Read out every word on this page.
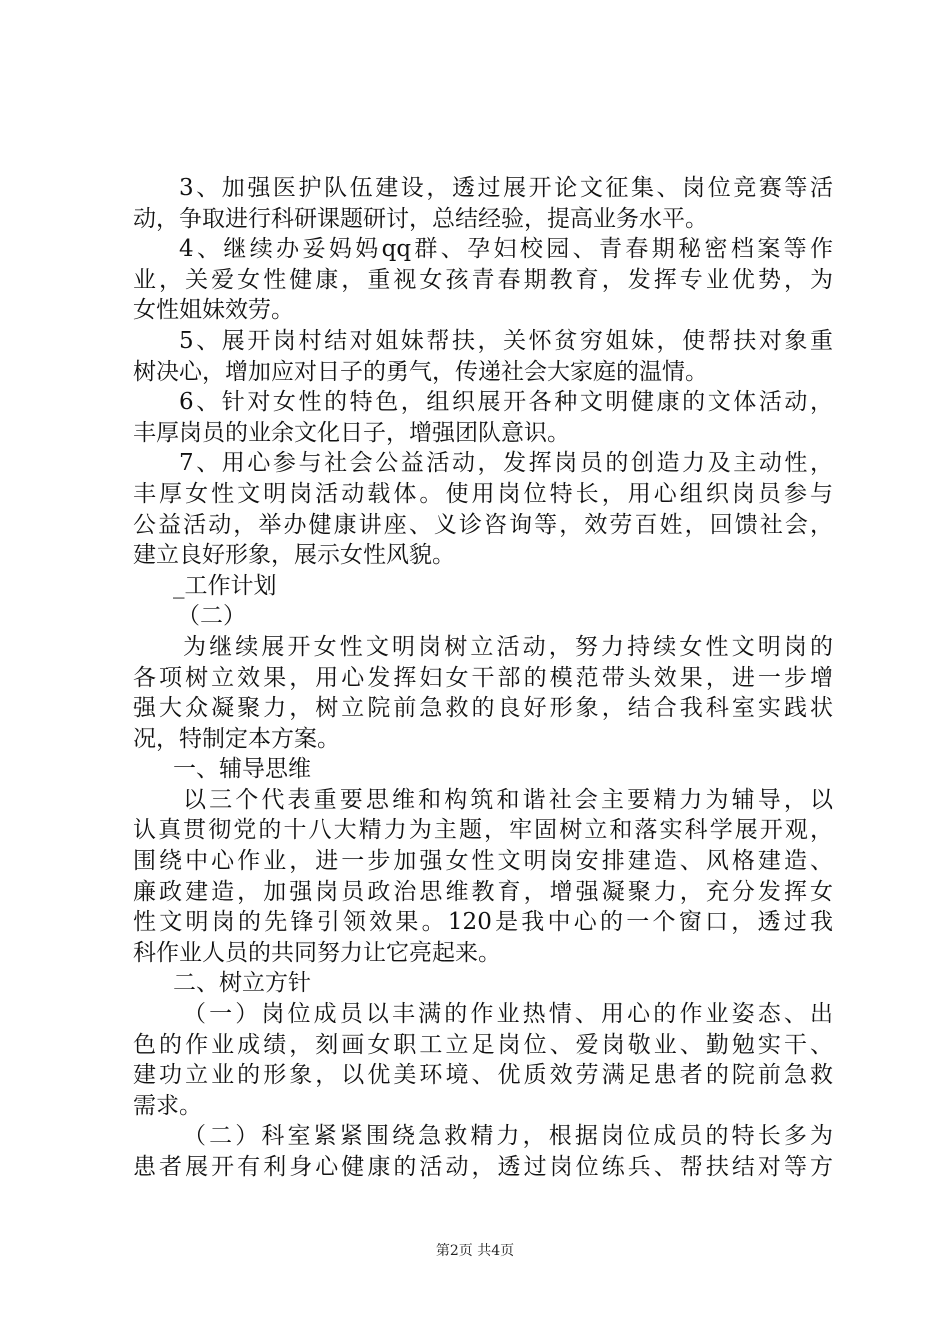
3、加强医护队伍建设，透过展开论文征集、岗位竞赛等活
动，争取进行科研课题研讨，总结经验，提高业务水平。
4、继续办妥妈妈qq群、孕妇校园、青春期秘密档案等作
业，关爱女性健康，重视女孩青春期教育，发挥专业优势，为
女性姐妹效劳。
5、展开岗村结对姐妹帮扶，关怀贫穷姐妹，使帮扶对象重
树决心，增加应对日子的勇气，传递社会大家庭的温情。
6、针对女性的特色，组织展开各种文明健康的文体活动，
丰厚岗员的业余文化日子，增强团队意识。
7、用心参与社会公益活动，发挥岗员的创造力及主动性，
丰厚女性文明岗活动载体。使用岗位特长，用心组织岗员参与
公益活动，举办健康讲座、义诊咨询等，效劳百姓，回馈社会，
建立良好形象，展示女性风貌。
_工作计划
（二）
为继续展开女性文明岗树立活动，努力持续女性文明岗的
各项树立效果，用心发挥妇女干部的模范带头效果，进一步增
强大众凝聚力，树立院前急救的良好形象，结合我科室实践状
况，特制定本方案。
一、辅导思维
以三个代表重要思维和构筑和谐社会主要精力为辅导，以
认真贯彻党的十八大精力为主题，牢固树立和落实科学展开观，
围绕中心作业，进一步加强女性文明岗安排建造、风格建造、
廉政建造，加强岗员政治思维教育，增强凝聚力，充分发挥女
性文明岗的先锋引领效果。120是我中心的一个窗口，透过我
科作业人员的共同努力让它亮起来。
二、树立方针
（一）岗位成员以丰满的作业热情、用心的作业姿态、出
色的作业成绩，刻画女职工立足岗位、爱岗敬业、勤勉实干、
建功立业的形象，以优美环境、优质效劳满足患者的院前急救
需求。
（二）科室紧紧围绕急救精力，根据岗位成员的特长多为
患者展开有利身心健康的活动，透过岗位练兵、帮扶结对等方
第2页 共4页
